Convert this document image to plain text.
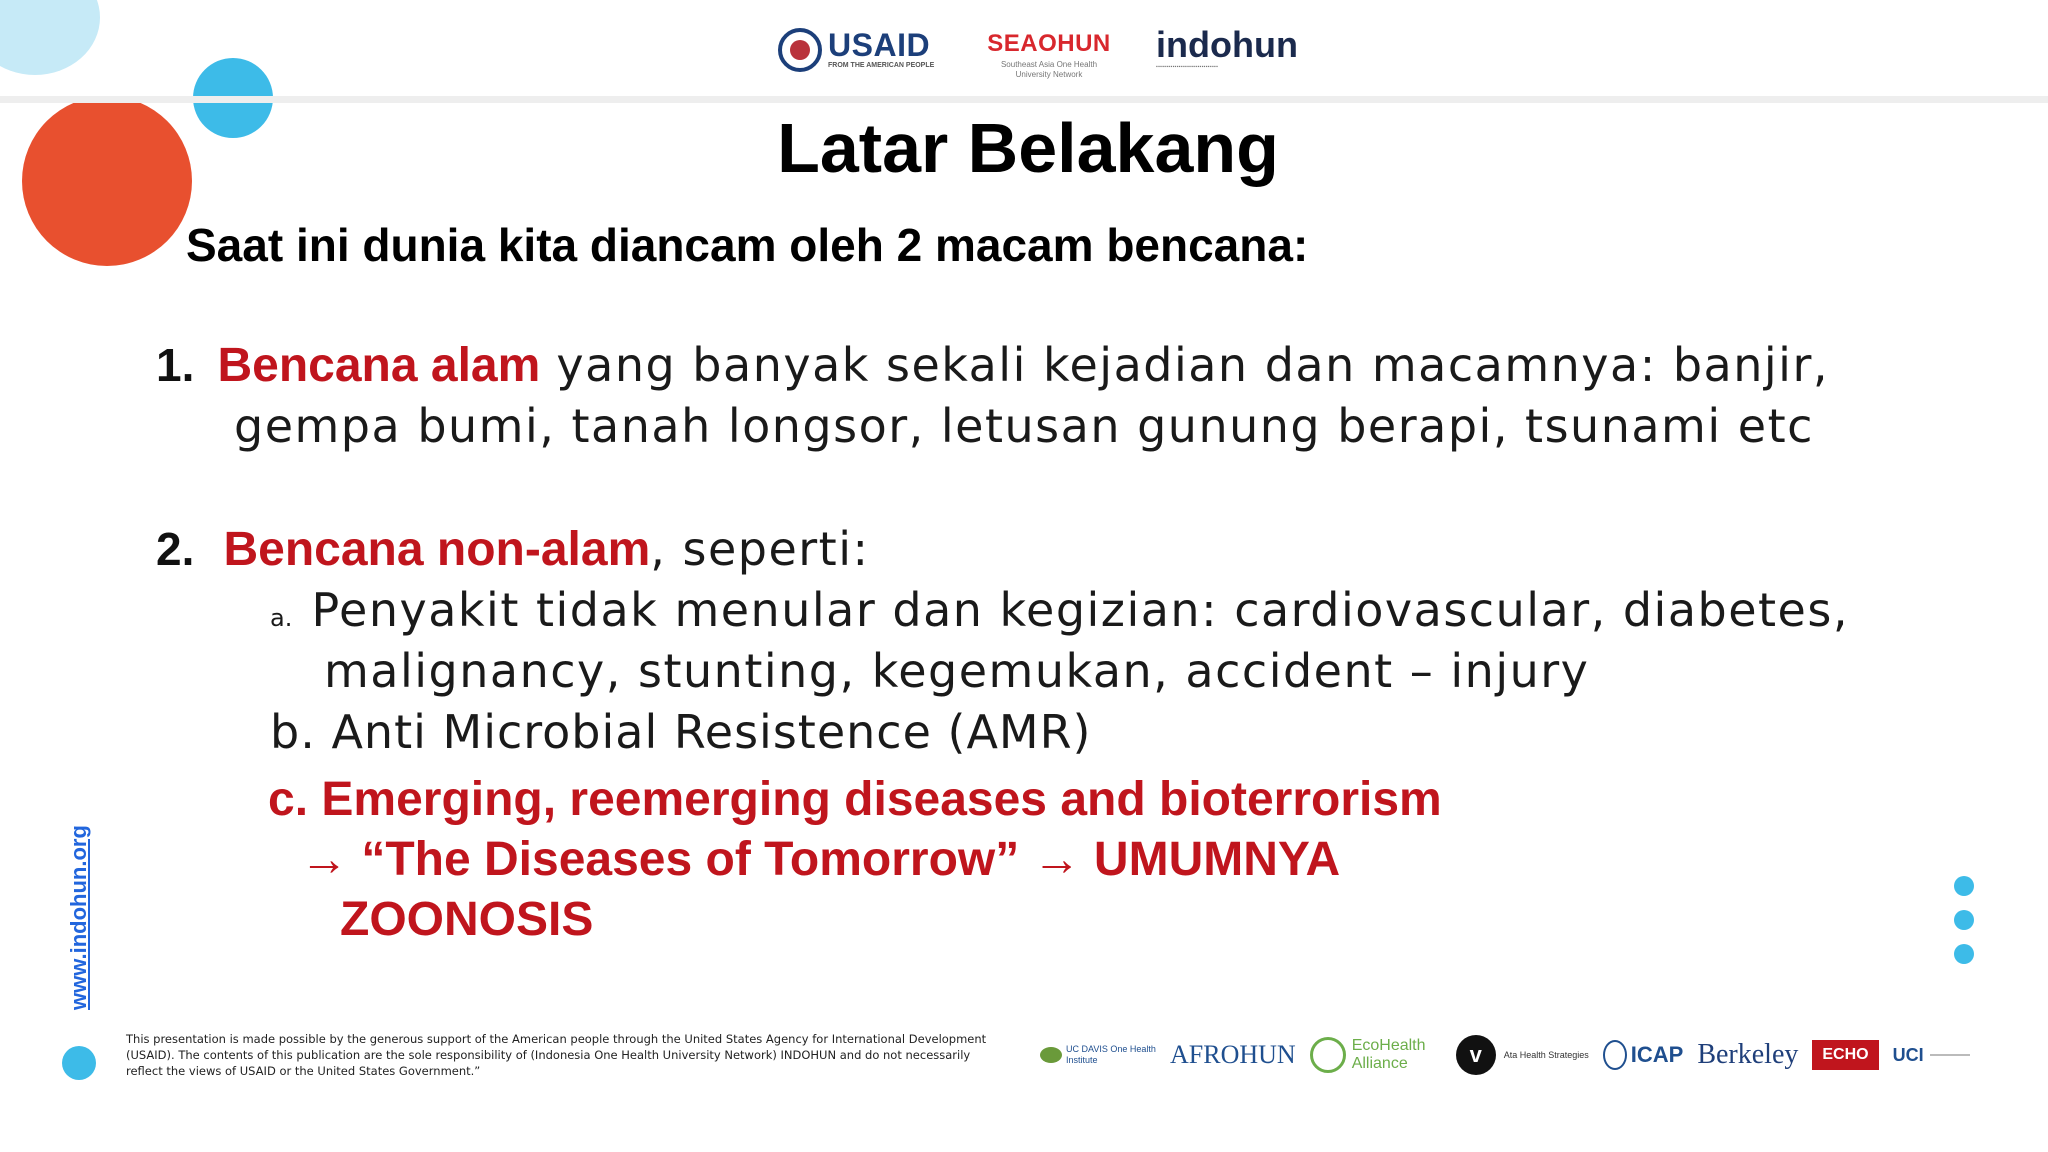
USAID
FROM THE AMERICAN PEOPLE
SEAOHUN
Southeast Asia One Health University Network
indohun
▪▪▪▪▪▪▪▪▪▪▪▪▪▪▪▪▪▪▪▪▪▪▪▪▪▪▪▪▪▪
Latar Belakang
Saat ini dunia kita diancam oleh 2 macam bencana:
1. Bencana alam yang banyak sekali kejadian dan macamnya: banjir,
gempa bumi, tanah longsor, letusan gunung berapi, tsunami etc
2. Bencana non-alam, seperti:
a. Penyakit tidak menular dan kegizian: cardiovascular, diabetes,
malignancy, stunting, kegemukan, accident – injury
b. Anti Microbial Resistence (AMR)
c. Emerging, reemerging diseases and bioterrorism
→ “The Diseases of Tomorrow” → UMUMNYA
ZOONOSIS
www.indohun.org
This presentation is made possible by the generous support of the American people through the United States Agency for International Development (USAID). The contents of this publication are the sole responsibility of (Indonesia One Health University Network) INDOHUN and do not necessarily reflect the views of USAID or the United States Government.”
UC DAVIS One Health Institute	AFROHUN	EcoHealth Alliance	v	Ata Health Strategies ICAP Berkeley	ECHO	UCI
